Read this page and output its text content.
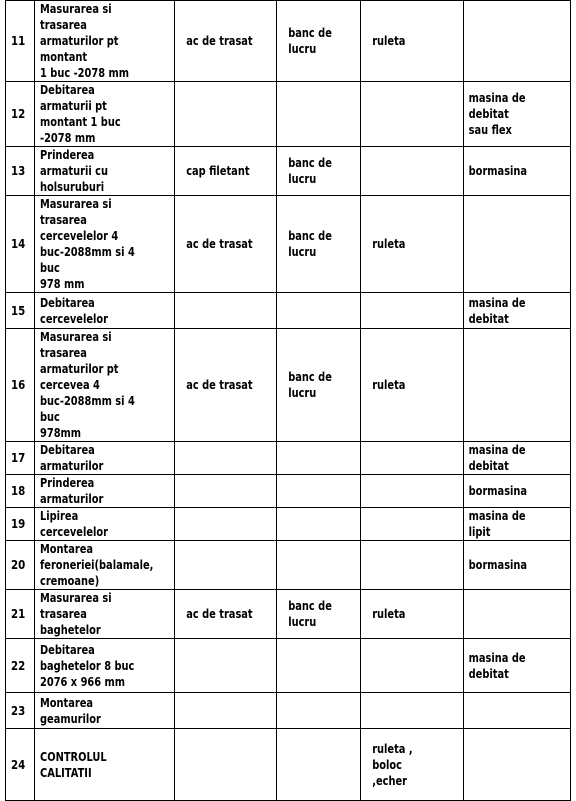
11	Masurarea si trasarea
armaturilor pt montant
1 buc -2078 mm	ac de trasat	banc de lucru	ruleta	
12	Debitarea armaturii pt
montant 1 buc -2078 mm				masina de debitat
sau flex
13	Prinderea armaturii cu
holsuruburi	cap filetant	banc de lucru		bormasina
14	Masurarea si trasarea
cercevelelor 4
buc-2088mm si 4 buc
978 mm	ac de trasat	banc de lucru	ruleta	
15	Debitarea cercevelelor				masina de debitat
16	Masurarea si trasarea
armaturilor pt cercevea 4
buc-2088mm si 4 buc
978mm	ac de trasat	banc de lucru	ruleta	
17	Debitarea armaturilor				masina de debitat
18	Prinderea armaturilor				bormasina
19	Lipirea cercevelelor				masina de lipit
20	Montarea feroneriei(balamale,
cremoane)				bormasina
21	Masurarea si trasarea
baghetelor	ac de trasat	banc de lucru	ruleta	
22	Debitarea baghetelor 8 buc
2076 x 966 mm				masina de debitat
23	Montarea geamurilor				
24	CONTROLUL CALITATII			ruleta , boloc
,echer	
